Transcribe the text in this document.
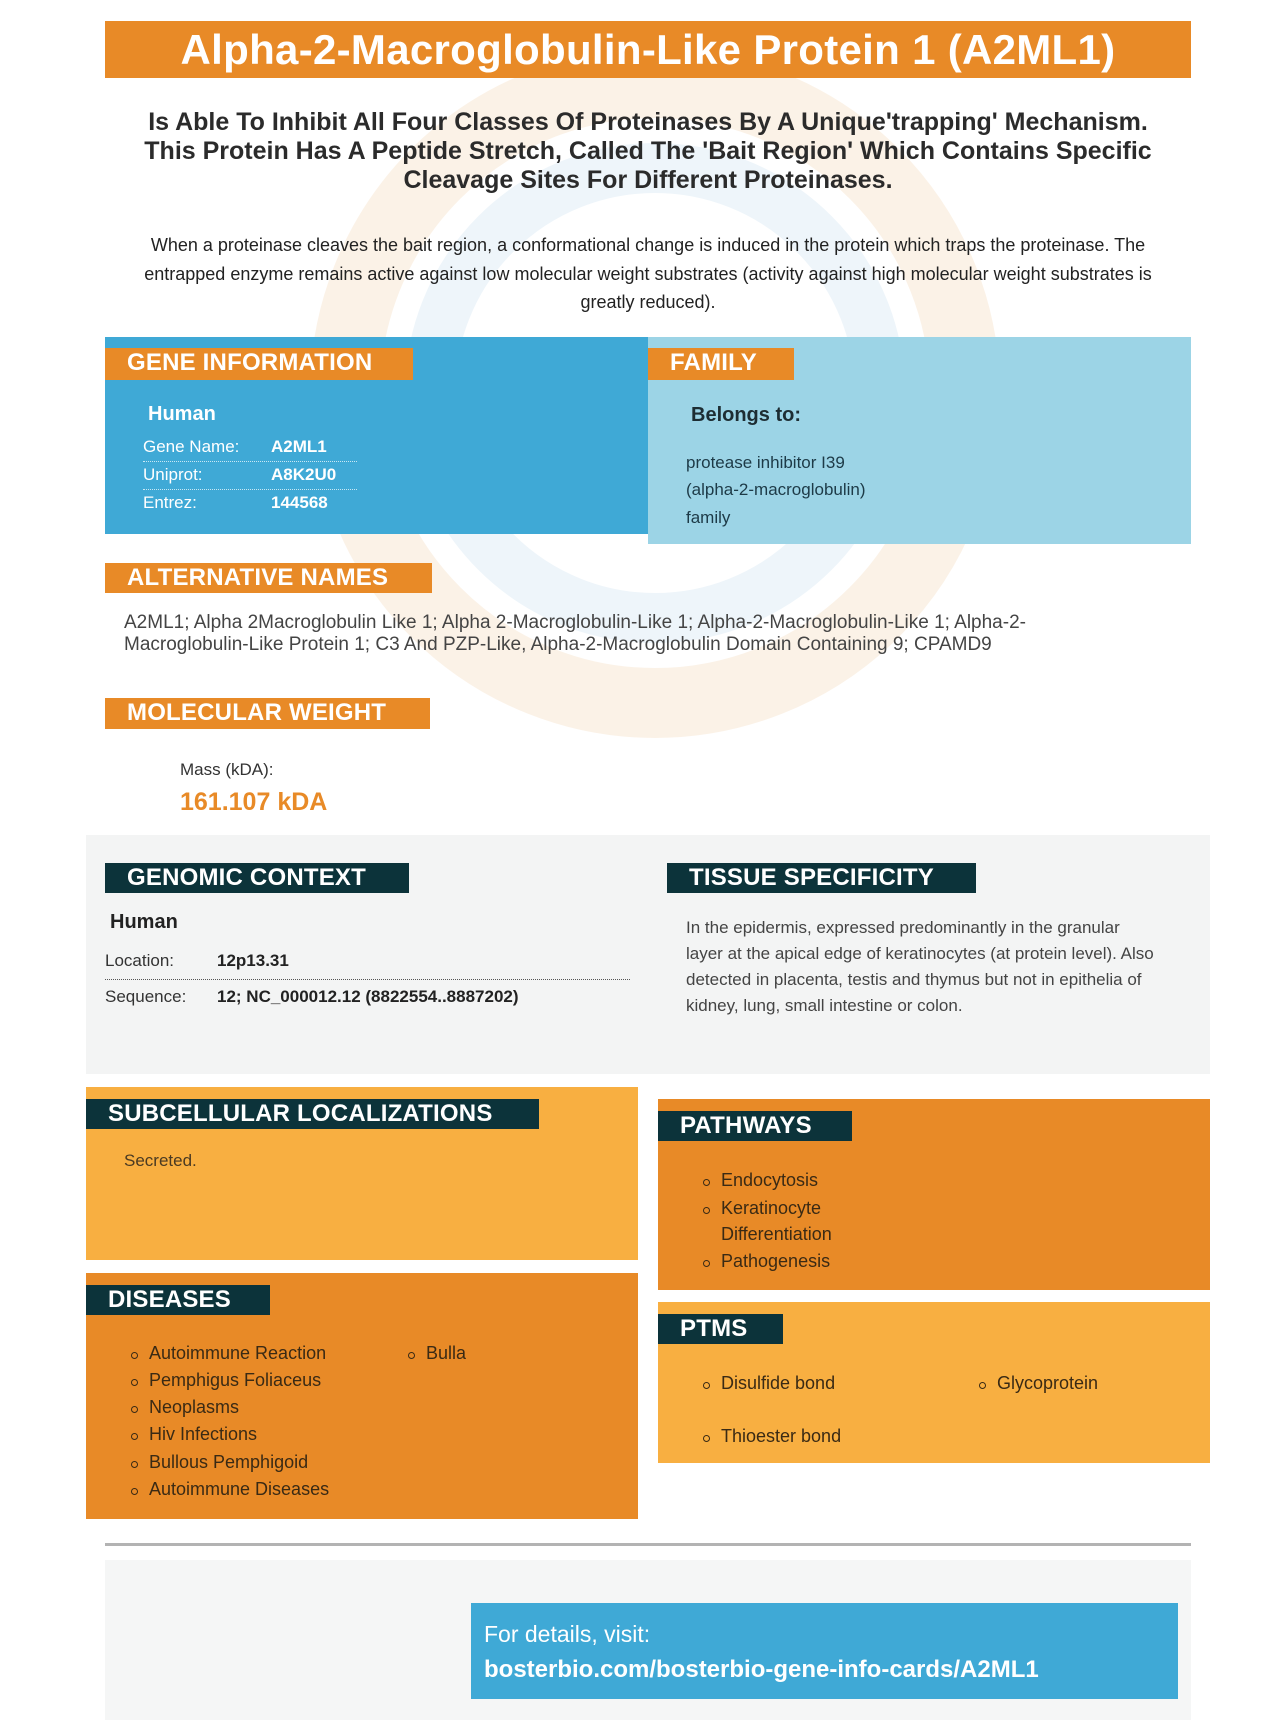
Alpha-2-Macroglobulin-Like Protein 1 (A2ML1)
Is Able To Inhibit All Four Classes Of Proteinases By A Unique'trapping' Mechanism. This Protein Has A Peptide Stretch, Called The 'Bait Region' Which Contains Specific Cleavage Sites For Different Proteinases.
When a proteinase cleaves the bait region, a conformational change is induced in the protein which traps the proteinase. The entrapped enzyme remains active against low molecular weight substrates (activity against high molecular weight substrates is greatly reduced).
GENE INFORMATION
Human
Gene Name: A2ML1
Uniprot:	A8K2U0
Entrez:	144568
FAMILY
Belongs to:
protease inhibitor I39
(alpha-2-macroglobulin)
family
ALTERNATIVE NAMES
A2ML1; Alpha 2Macroglobulin Like 1; Alpha 2-Macroglobulin-Like 1; Alpha-2-Macroglobulin-Like 1; Alpha-2-Macroglobulin-Like Protein 1; C3 And PZP-Like, Alpha-2-Macroglobulin Domain Containing 9; CPAMD9
MOLECULAR WEIGHT
Mass (kDA):
161.107 kDA
GENOMIC CONTEXT
Human
Location:	12p13.31
Sequence: 12; NC_000012.12 (8822554..8887202)
TISSUE SPECIFICITY
In the epidermis, expressed predominantly in the granular
layer at the apical edge of keratinocytes (at protein level). Also
detected in placenta, testis and thymus but not in epithelia of
kidney, lung, small intestine or colon.
SUBCELLULAR LOCALIZATIONS
Secreted.
DISEASES
Autoimmune Reaction
Pemphigus Foliaceus
Neoplasms
Hiv Infections
Bullous Pemphigoid
Autoimmune Diseases
Bulla
PATHWAYS
Endocytosis
Keratinocyte
Differentiation
Pathogenesis
PTMS
Disulfide bond	Glycoprotein
Thioester bond
For details, visit:
bosterbio.com/bosterbio-gene-info-cards/A2ML1
